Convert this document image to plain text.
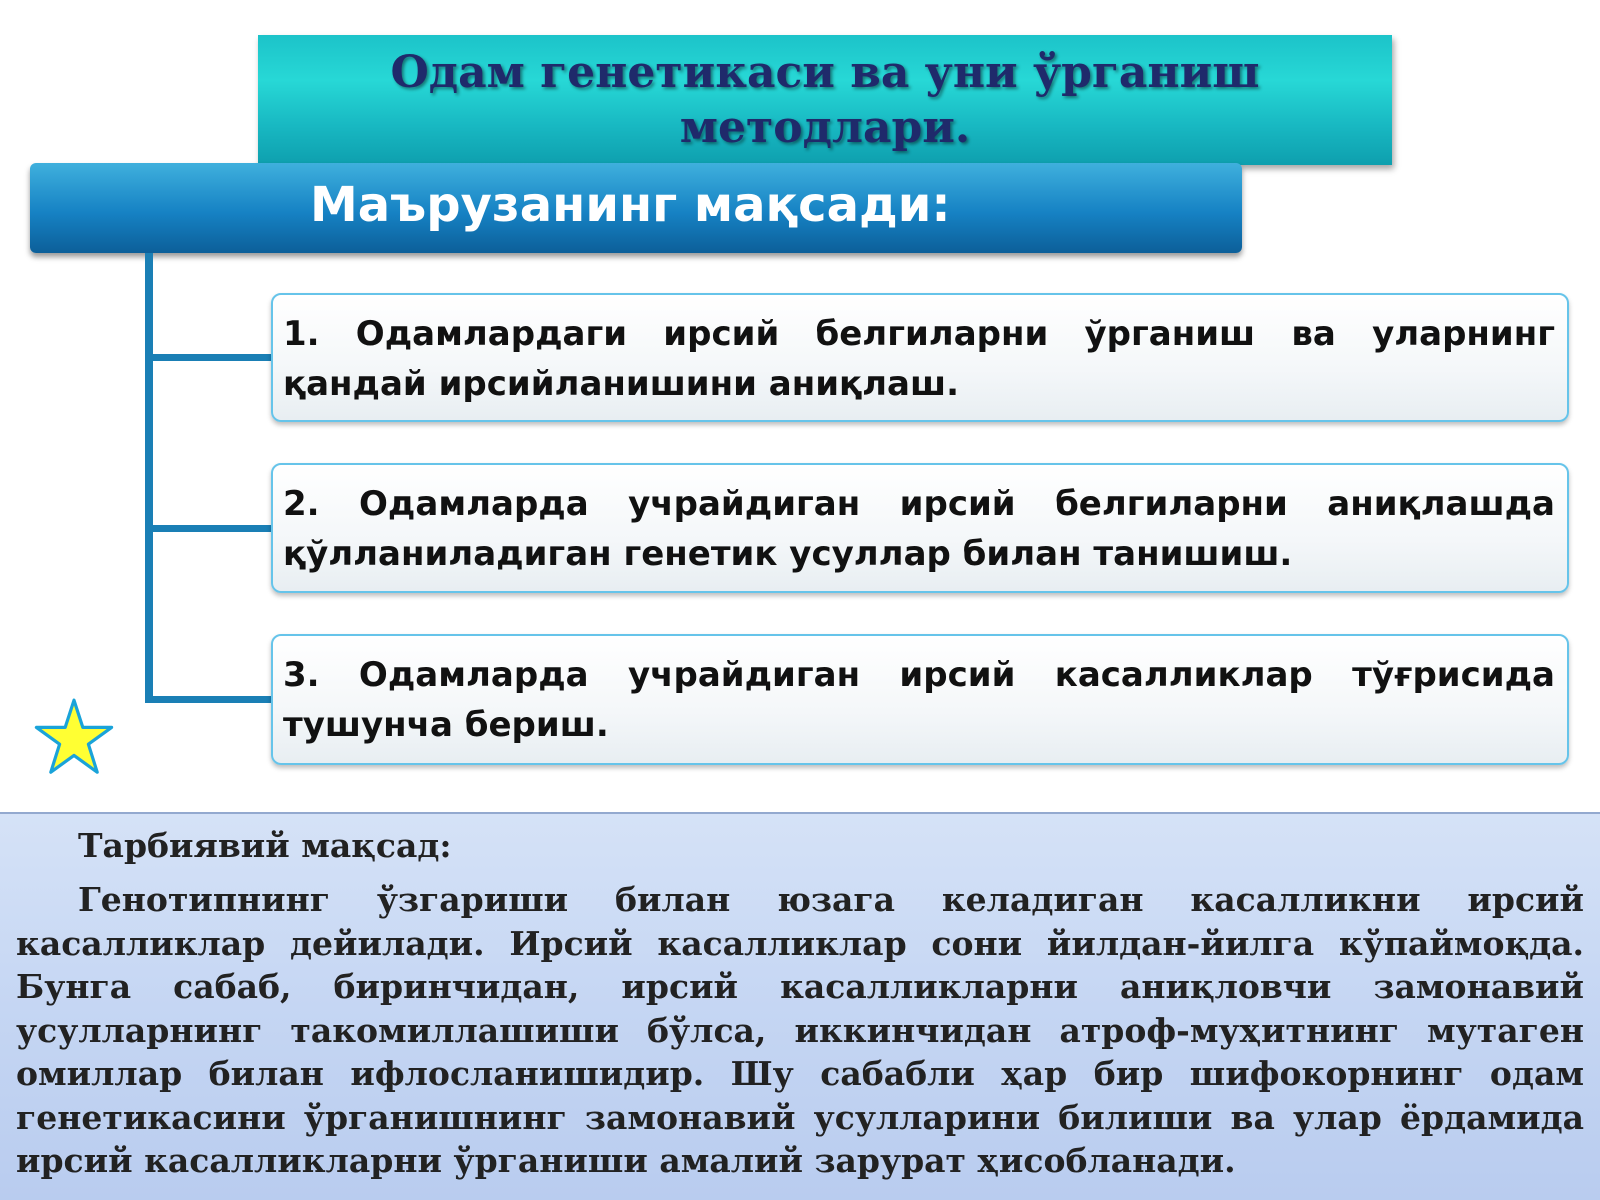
Одам генетикаси ва уни ўрганиш методлари.
Маърузанинг мақсади:
1. Одамлардаги ирсий белгиларни ўрганиш ва уларнинг қандай ирсийланишини аниқлаш.
2. Одамларда учрайдиган ирсий белгиларни аниқлашда қўлланиладиган генетик усуллар билан танишиш.
3. Одамларда учрайдиган ирсий касалликлар тўғрисида тушунча бериш.

Тарбиявий мақсад:

Генотипнинг ўзгариши билан юзага келадиган касалликни ирсий касалликлар дейилади. Ирсий касалликлар сони йилдан-йилга кўпаймоқда. Бунга сабаб, биринчидан, ирсий касалликларни аниқловчи замонавий усулларнинг такомиллашиши бўлса, иккинчидан атроф-муҳитнинг мутаген омиллар билан ифлосланишидир. Шу сабабли ҳар бир шифокорнинг одам генетикасини ўрганишнинг замонавий усулларини билиши ва улар ёрдамида ирсий касалликларни ўрганиши амалий зарурат ҳисобланади.
